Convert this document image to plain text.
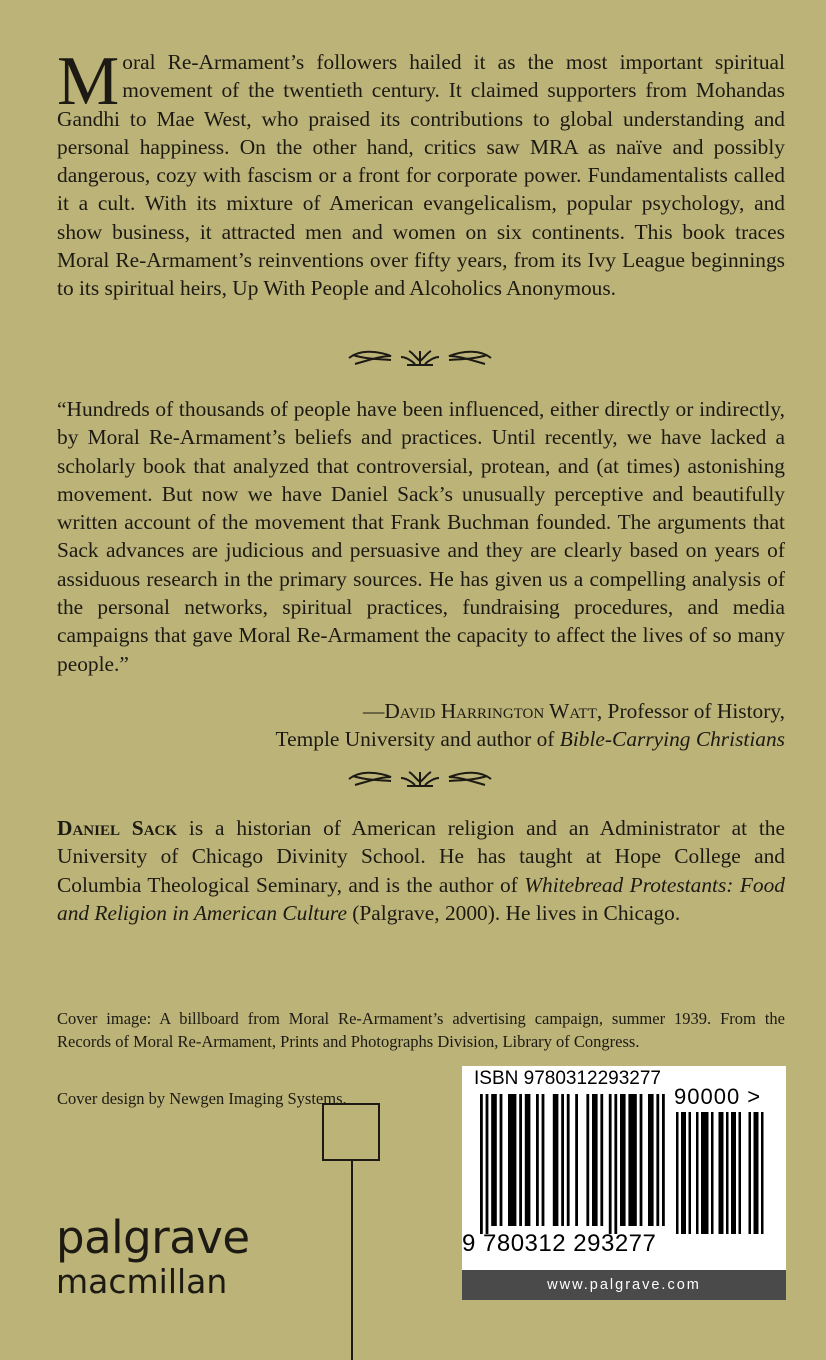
Moral Re-Armament’s followers hailed it as the most important spiritual movement of the twentieth century. It claimed supporters from Mohandas Gandhi to Mae West, who praised its contributions to global understanding and personal happiness. On the other hand, critics saw MRA as naïve and possibly dangerous, cozy with fascism or a front for corporate power. Fundamentalists called it a cult. With its mixture of American evangelicalism, popular psychology, and show business, it attracted men and women on six continents. This book traces Moral Re-Armament’s reinventions over fifty years, from its Ivy League beginnings to its spiritual heirs, Up With People and Alcoholics Anonymous.

“Hundreds of thousands of people have been influenced, either directly or indirectly, by Moral Re-Armament’s beliefs and practices. Until recently, we have lacked a scholarly book that analyzed that controversial, protean, and (at times) astonishing movement. But now we have Daniel Sack’s unusually perceptive and beautifully written account of the movement that Frank Buchman founded. The arguments that Sack advances are judicious and persuasive and they are clearly based on years of assiduous research in the primary sources. He has given us a compelling analysis of the personal networks, spiritual practices, fundraising procedures, and media campaigns that gave Moral Re-Armament the capacity to affect the lives of so many people.”

—David Harrington Watt, Professor of History,
Temple University and author of Bible-Carrying Christians

Daniel Sack is a historian of American religion and an Administrator at the University of Chicago Divinity School. He has taught at Hope College and Columbia Theological Seminary, and is the author of Whitebread Protestants: Food and Religion in American Culture (Palgrave, 2000). He lives in Chicago.

Cover image: A billboard from Moral Re-Armament’s advertising campaign, summer 1939. From the Records of Moral Re-Armament, Prints and Photographs Division, Library of Congress.

Cover design by Newgen Imaging Systems.

palgrave
macmillan
ISBN 9780312293277
90000 >
9 780312 293277
www.palgrave.com
